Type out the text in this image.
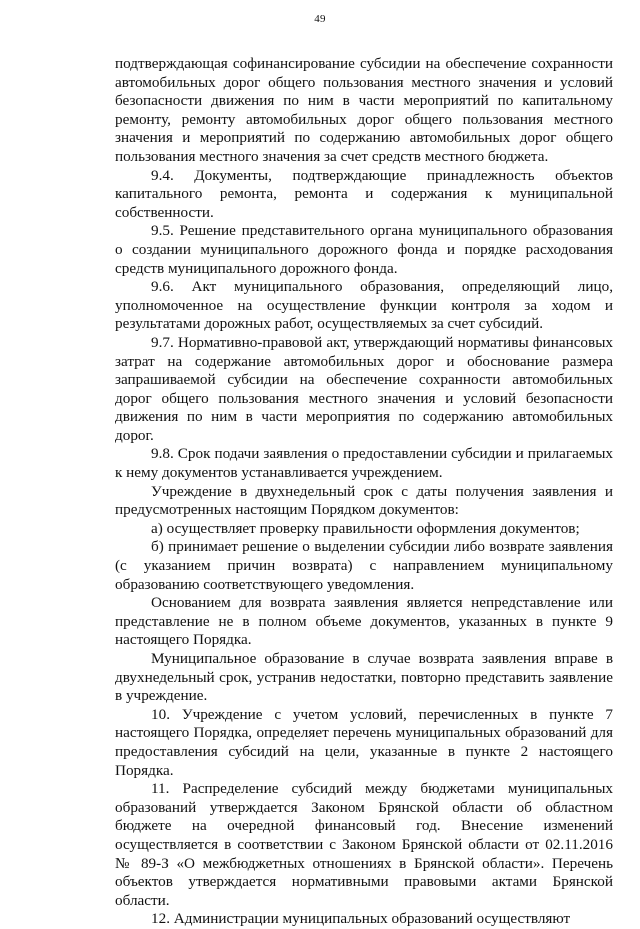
49

подтверждающая софинансирование субсидии на обеспечение сохранности автомобильных дорог общего пользования местного значения и условий безопасности движения по ним в части мероприятий по капитальному ремонту, ремонту автомобильных дорог общего пользования местного значения и мероприятий по содержанию автомобильных дорог общего пользования местного значения за счет средств местного бюджета.

9.4. Документы, подтверждающие принадлежность объектов капитального ремонта, ремонта и содержания к муниципальной собственности.

9.5. Решение представительного органа муниципального образования о создании муниципального дорожного фонда и порядке расходования средств муниципального дорожного фонда.

9.6. Акт муниципального образования, определяющий лицо, уполномоченное на осуществление функции контроля за ходом и результатами дорожных работ, осуществляемых за счет субсидий.

9.7. Нормативно-правовой акт, утверждающий нормативы финансовых затрат на содержание автомобильных дорог и обоснование размера запрашиваемой субсидии на обеспечение сохранности автомобильных дорог общего пользования местного значения и условий безопасности движения по ним в части мероприятия по содержанию автомобильных дорог.

9.8. Срок подачи заявления о предоставлении субсидии и прилагаемых к нему документов устанавливается учреждением.

Учреждение в двухнедельный срок с даты получения заявления и предусмотренных настоящим Порядком документов:

а) осуществляет проверку правильности оформления документов;

б) принимает решение о выделении субсидии либо возврате заявления (с указанием причин возврата) с направлением муниципальному образованию соответствующего уведомления.

Основанием для возврата заявления является непредставление или представление не в полном объеме документов, указанных в пункте 9 настоящего Порядка.

Муниципальное образование в случае возврата заявления вправе в двухнедельный срок, устранив недостатки, повторно представить заявление в учреждение.

10. Учреждение с учетом условий, перечисленных в пункте 7 настоящего Порядка, определяет перечень муниципальных образований для предоставления субсидий на цели, указанные в пункте 2 настоящего Порядка.

11. Распределение субсидий между бюджетами муниципальных образований утверждается Законом Брянской области об областном бюджете на очередной финансовый год. Внесение изменений осуществляется в соответствии с Законом Брянской области от 02.11.2016 № 89-З «О межбюджетных отношениях в Брянской области». Перечень объектов утверждается нормативными правовыми актами Брянской области.

12. Администрации муниципальных образований осуществляют
